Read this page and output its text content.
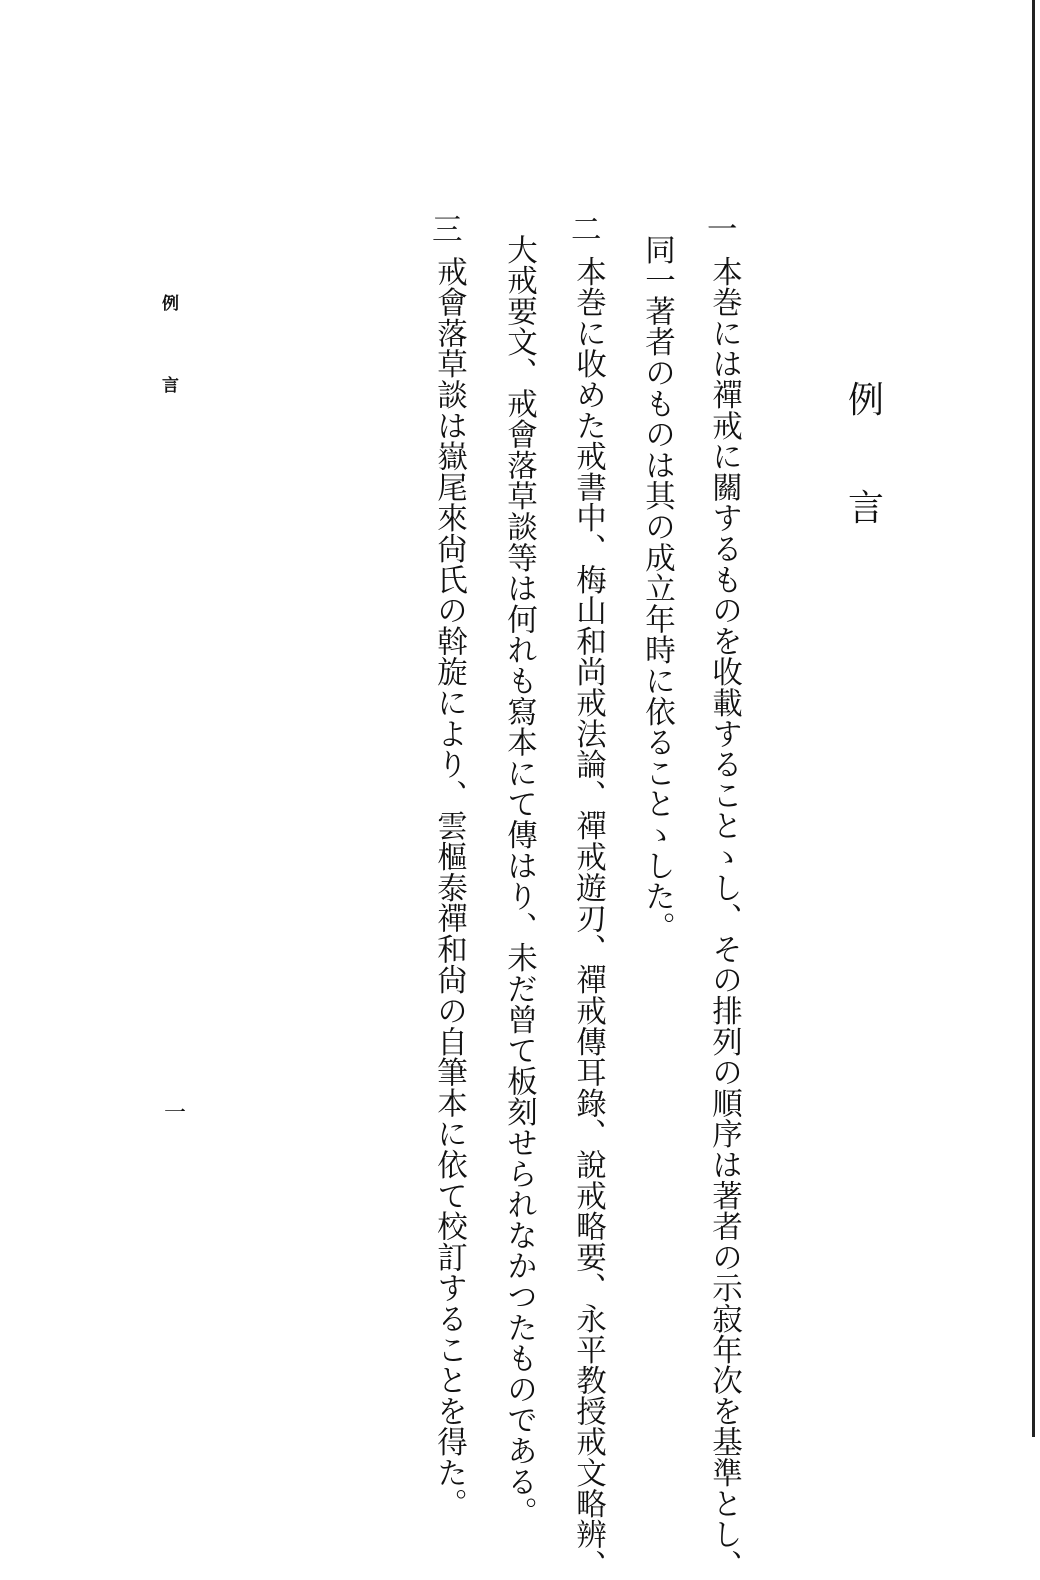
例
言
一
本巻には禪戒に關するものを收載することゝし、その排列の順序は著者の示寂年次を基準とし、
同一著者のものは其の成立年時に依ることゝした。
二
本巻に收めた戒書中、梅山和尚戒法論、禪戒遊刃、禪戒傳耳錄、說戒略要、永平教授戒文略辨、
大戒要文、戒會落草談等は何れも寫本にて傳はり、未だ曾て板刻せられなかつたものである。
三
戒會落草談は嶽尾來尙氏の斡旋により、雲樞泰禪和尙の自筆本に依て校訂することを得た。
例
言
一
